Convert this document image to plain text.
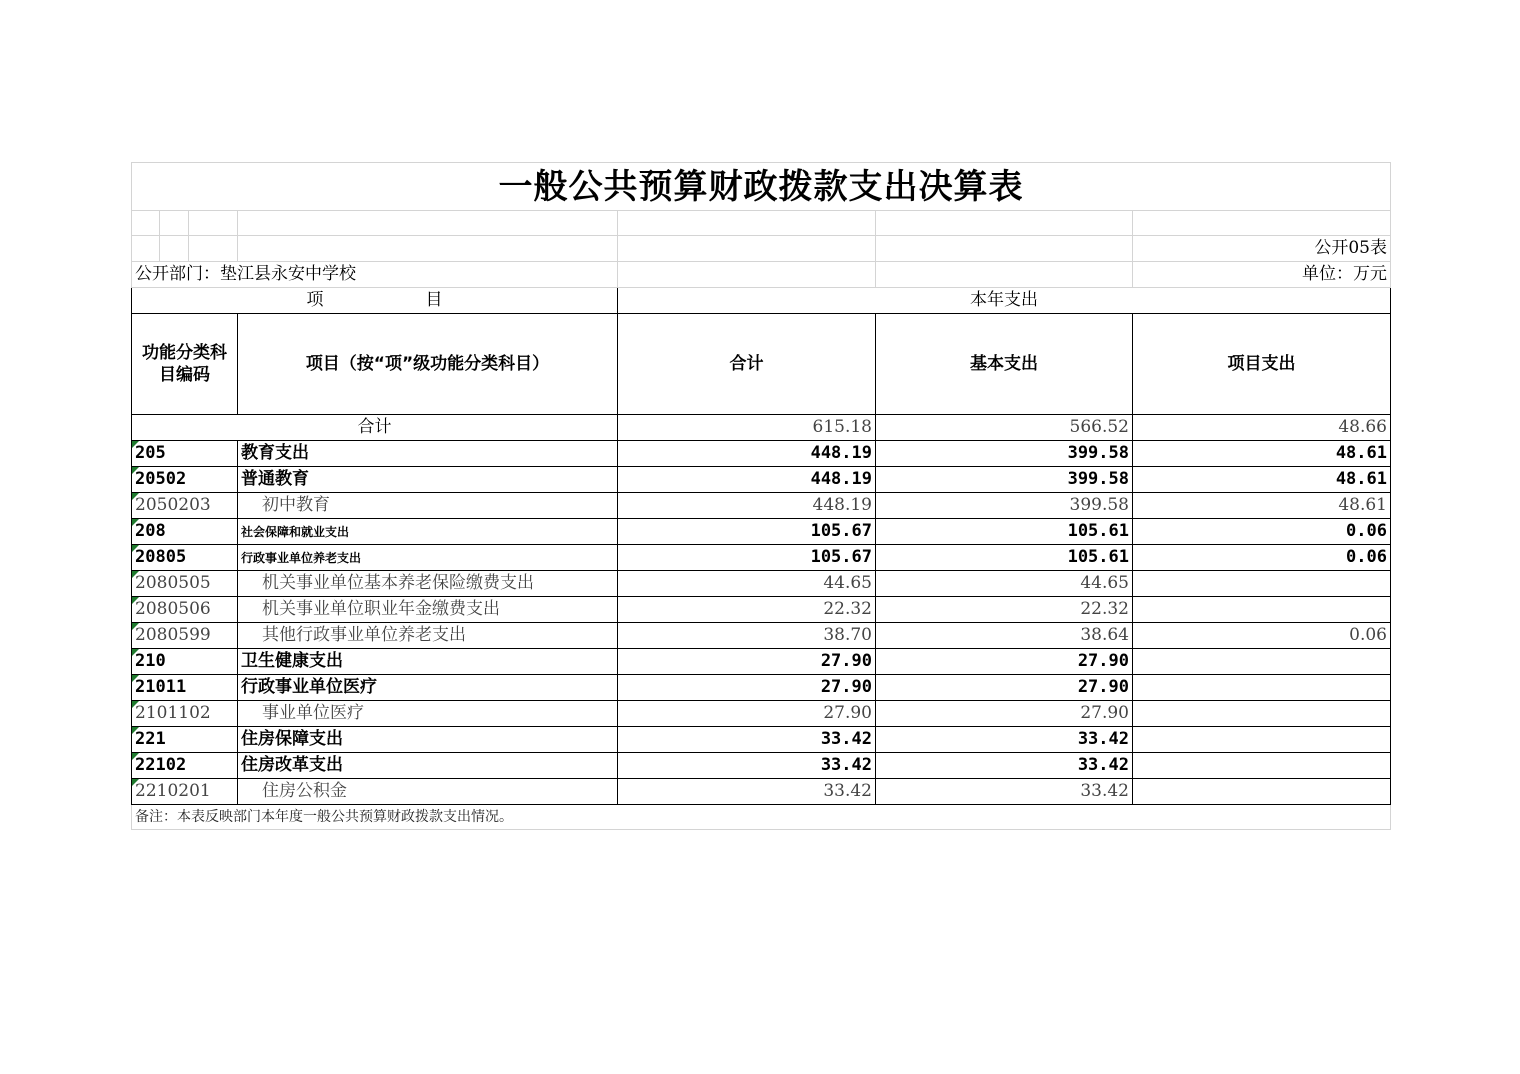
一般公共预算财政拨款支出决算表						

						公开05表
公开部门：垫江县永安中学校						单位：万元
项　　　　　　目				本年支出		
功能分类科目编码			项目（按“项”级功能分类科目）	合计	基本支出	项目支出
合计				615.18	566.52	48.66
205			教育支出	448.19	399.58	48.61
20502			普通教育	448.19	399.58	48.61
2050203			初中教育	448.19	399.58	48.61
208			社会保障和就业支出	105.67	105.61	0.06
20805			行政事业单位养老支出	105.67	105.61	0.06
2080505			机关事业单位基本养老保险缴费支出	44.65	44.65	
2080506			机关事业单位职业年金缴费支出	22.32	22.32	
2080599			其他行政事业单位养老支出	38.70	38.64	0.06
210			卫生健康支出	27.90	27.90	
21011			行政事业单位医疗	27.90	27.90	
2101102			事业单位医疗	27.90	27.90	
221			住房保障支出	33.42	33.42	
22102			住房改革支出	33.42	33.42	
2210201			住房公积金	33.42	33.42	
备注：本表反映部门本年度一般公共预算财政拨款支出情况。						
